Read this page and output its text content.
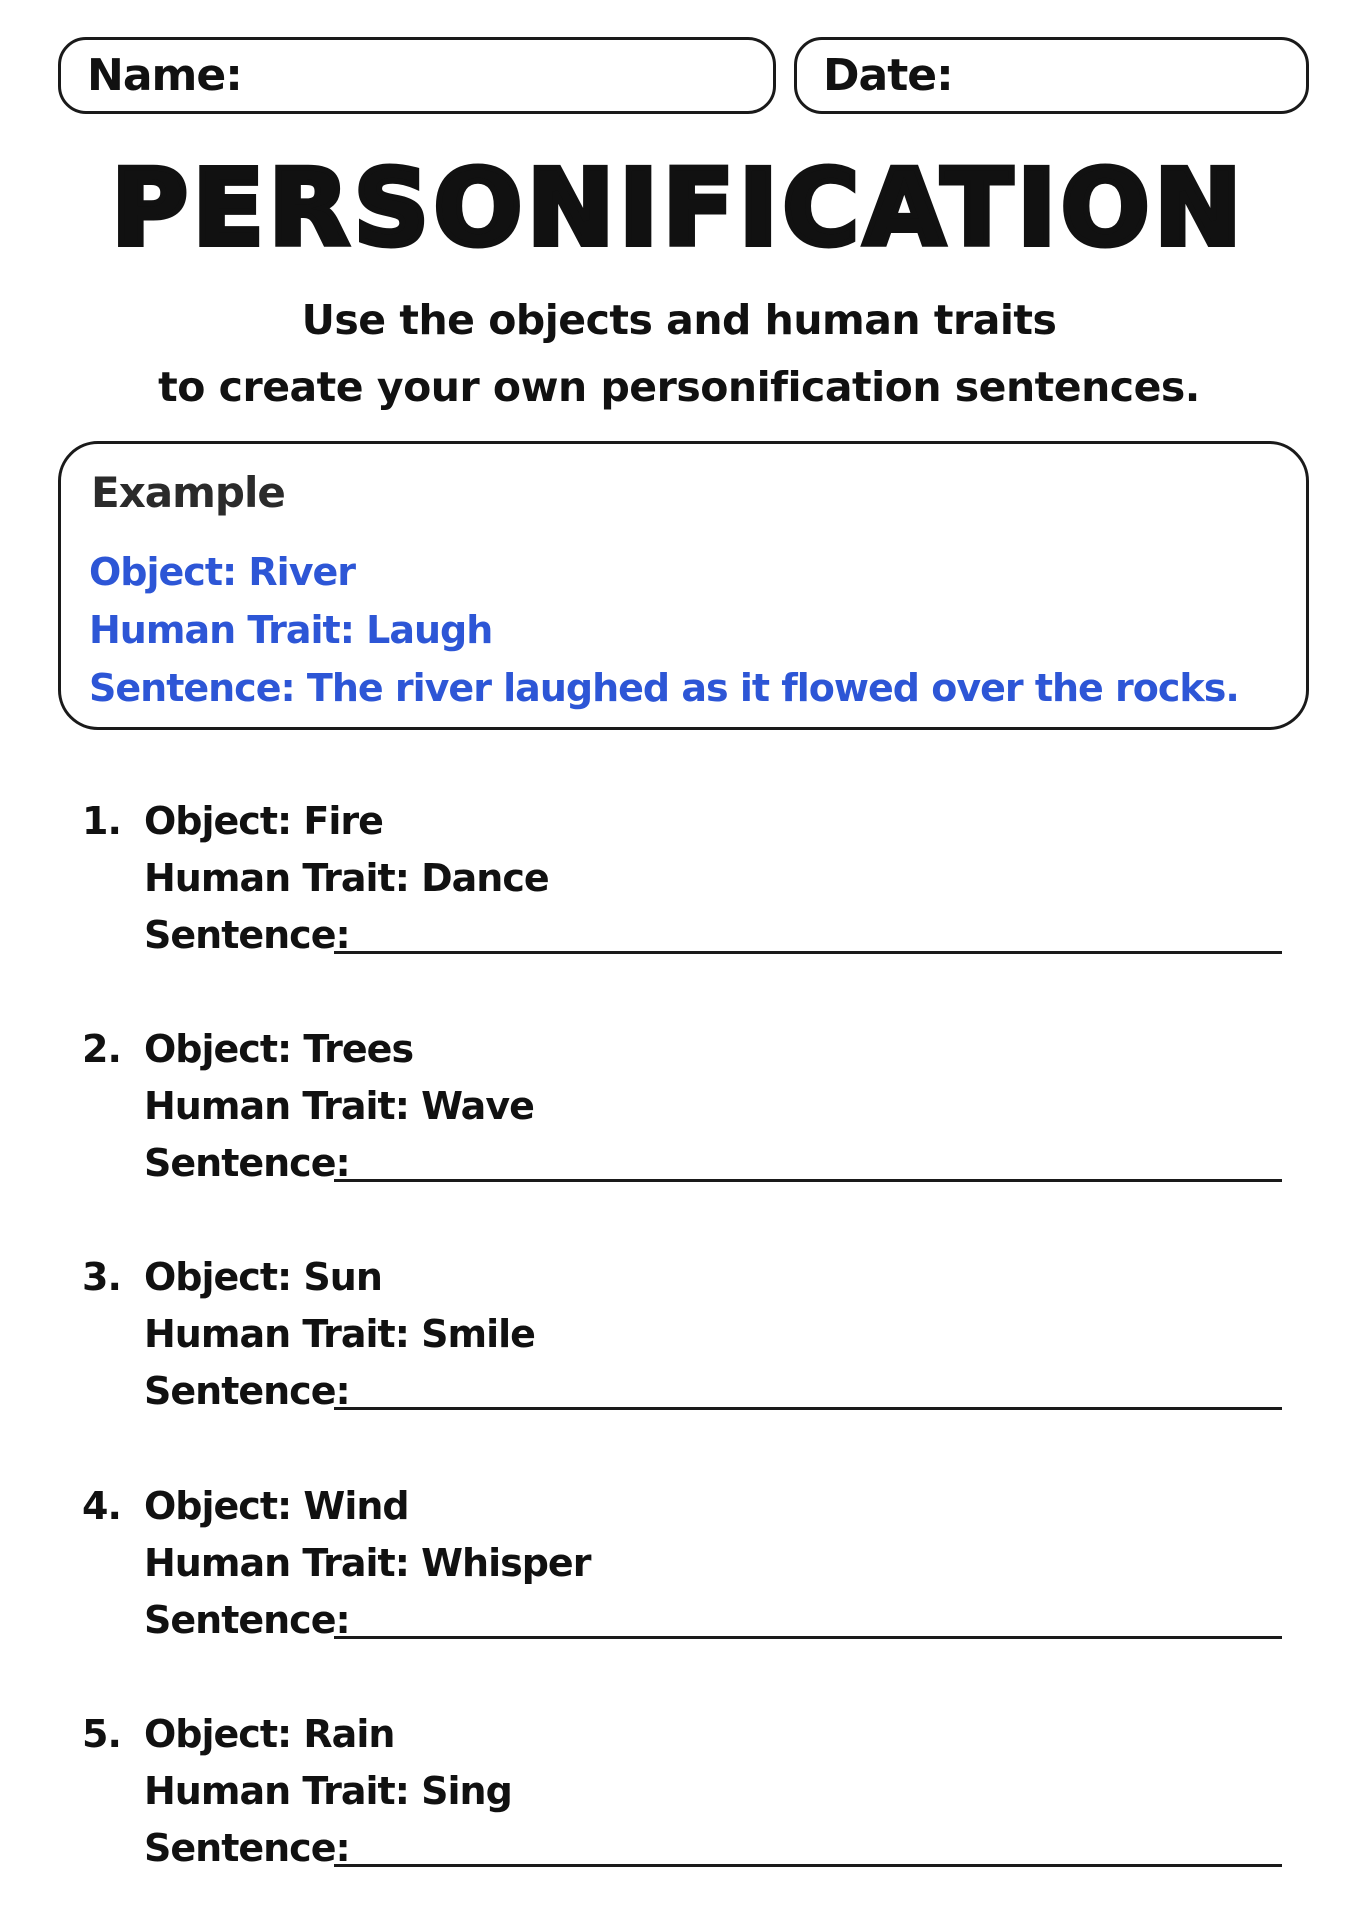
Name:	Date:
PERSONIFICATION
Use the objects and human traits
to create your own personification sentences.
Example
Object: River
Human Trait: Laugh
Sentence: The river laughed as it flowed over the rocks.
1. Object: Fire
Human Trait: Dance
Sentence:
2. Object: Trees
Human Trait: Wave
Sentence:
3. Object: Sun
Human Trait: Smile
Sentence:
4. Object: Wind
Human Trait: Whisper
Sentence:
5. Object: Rain
Human Trait: Sing
Sentence:
